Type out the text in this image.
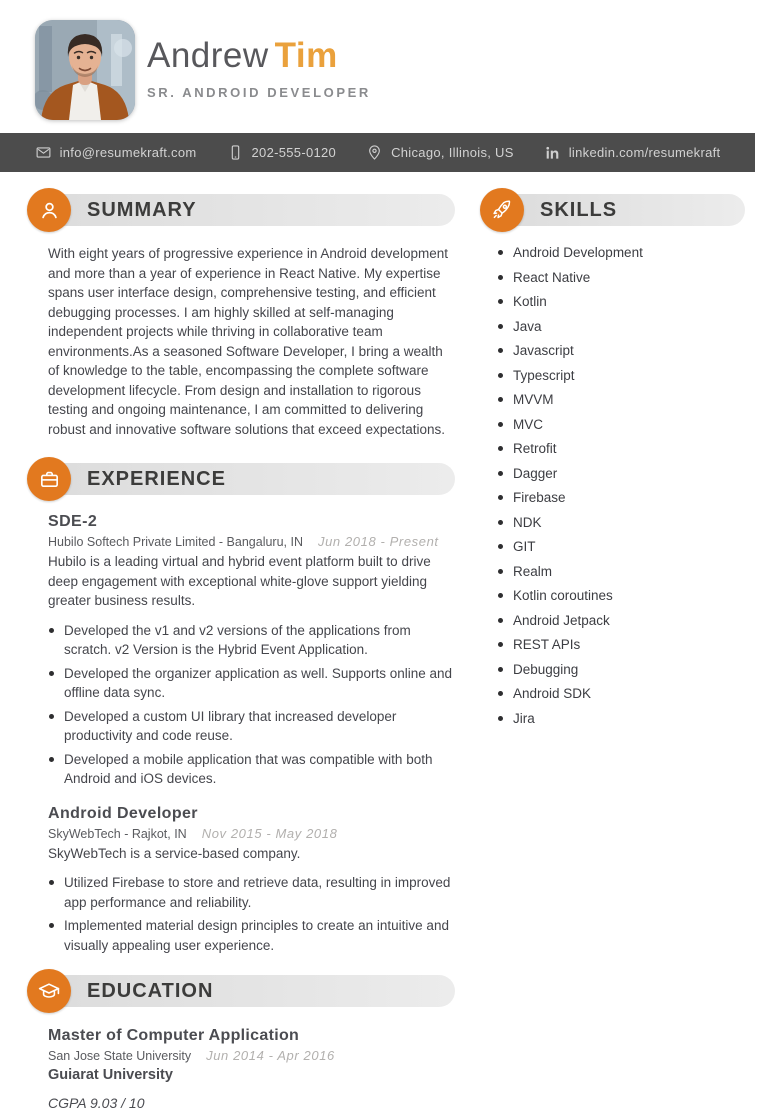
Andrew Tim
SR. ANDROID DEVELOPER
info@resumekraft.com	202-555-0120	Chicago, Illinois, US	linkedin.com/resumekraft
SUMMARY

With eight years of progressive experience in Android development and more than a year of experience in React Native. My expertise spans user interface design, comprehensive testing, and efficient debugging processes. I am highly skilled at self-managing independent projects while thriving in collaborative team environments.As a seasoned Software Developer, I bring a wealth of knowledge to the table, encompassing the complete software development lifecycle. From design and installation to rigorous testing and ongoing maintenance, I am committed to delivering robust and innovative software solutions that exceed expectations.

EXPERIENCE
SDE-2
Hubilo Softech Private Limited - Bangaluru, IN Jun 2018 - Present

Hubilo is a leading virtual and hybrid event platform built to drive deep engagement with exceptional white-glove support yielding greater business results.

Developed the v1 and v2 versions of the applications from scratch. v2 Version is the Hybrid Event Application.
Developed the organizer application as well. Supports online and offline data sync.
Developed a custom UI library that increased developer productivity and code reuse.
Developed a mobile application that was compatible with both Android and iOS devices.
Android Developer
SkyWebTech - Rajkot, IN Nov 2015 - May 2018

SkyWebTech is a service-based company.

Utilized Firebase to store and retrieve data, resulting in improved app performance and reliability.
Implemented material design principles to create an intuitive and visually appealing user experience.
EDUCATION
Master of Computer Application
San Jose State University Jun 2014 - Apr 2016
Guiarat University

CGPA 9.03 / 10

SKILLS
Android Development
React Native
Kotlin
Java
Javascript
Typescript
MVVM
MVC
Retrofit
Dagger
Firebase
NDK
GIT
Realm
Kotlin coroutines
Android Jetpack
REST APIs
Debugging
Android SDK
Jira
